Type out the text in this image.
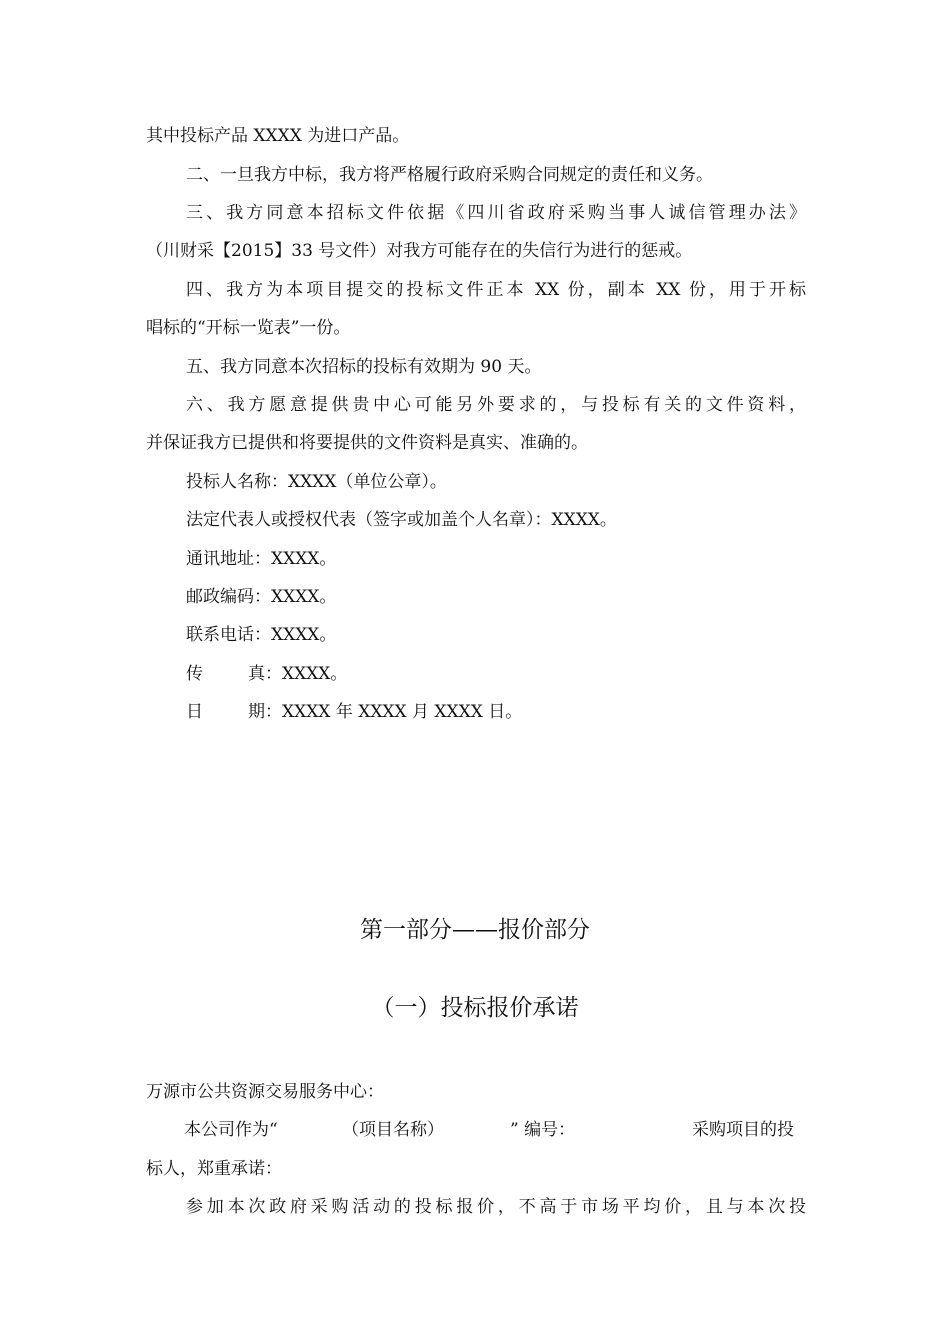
其中投标产品 XXXX 为进口产品。
二、一旦我方中标，我方将严格履行政府采购合同规定的责任和义务。
三、我方同意本招标文件依据《四川省政府采购当事人诚信管理办法》
（川财采【2015】33 号文件）对我方可能存在的失信行为进行的惩戒。
四、我方为本项目提交的投标文件正本 XX 份，副本 XX 份，用于开标
唱标的“开标一览表”一份。
五、我方同意本次招标的投标有效期为 90 天。
六、我方愿意提供贵中心可能另外要求的，与投标有关的文件资料，
并保证我方已提供和将要提供的文件资料是真实、准确的。
投标人名称：XXXX（单位公章）。
法定代表人或授权代表（签字或加盖个人名章）：XXXX。
通讯地址：XXXX。
邮政编码：XXXX。
联系电话：XXXX。
传	真：XXXX。
日	期：XXXX 年 XXXX 月 XXXX 日。
第一部分——报价部分
（一）投标报价承诺
万源市公共资源交易服务中心：
本公司作为“	（项目名称）	” 编号：	采购项目的投
标人，郑重承诺：
参加本次政府采购活动的投标报价，不高于市场平均价，且与本次投
